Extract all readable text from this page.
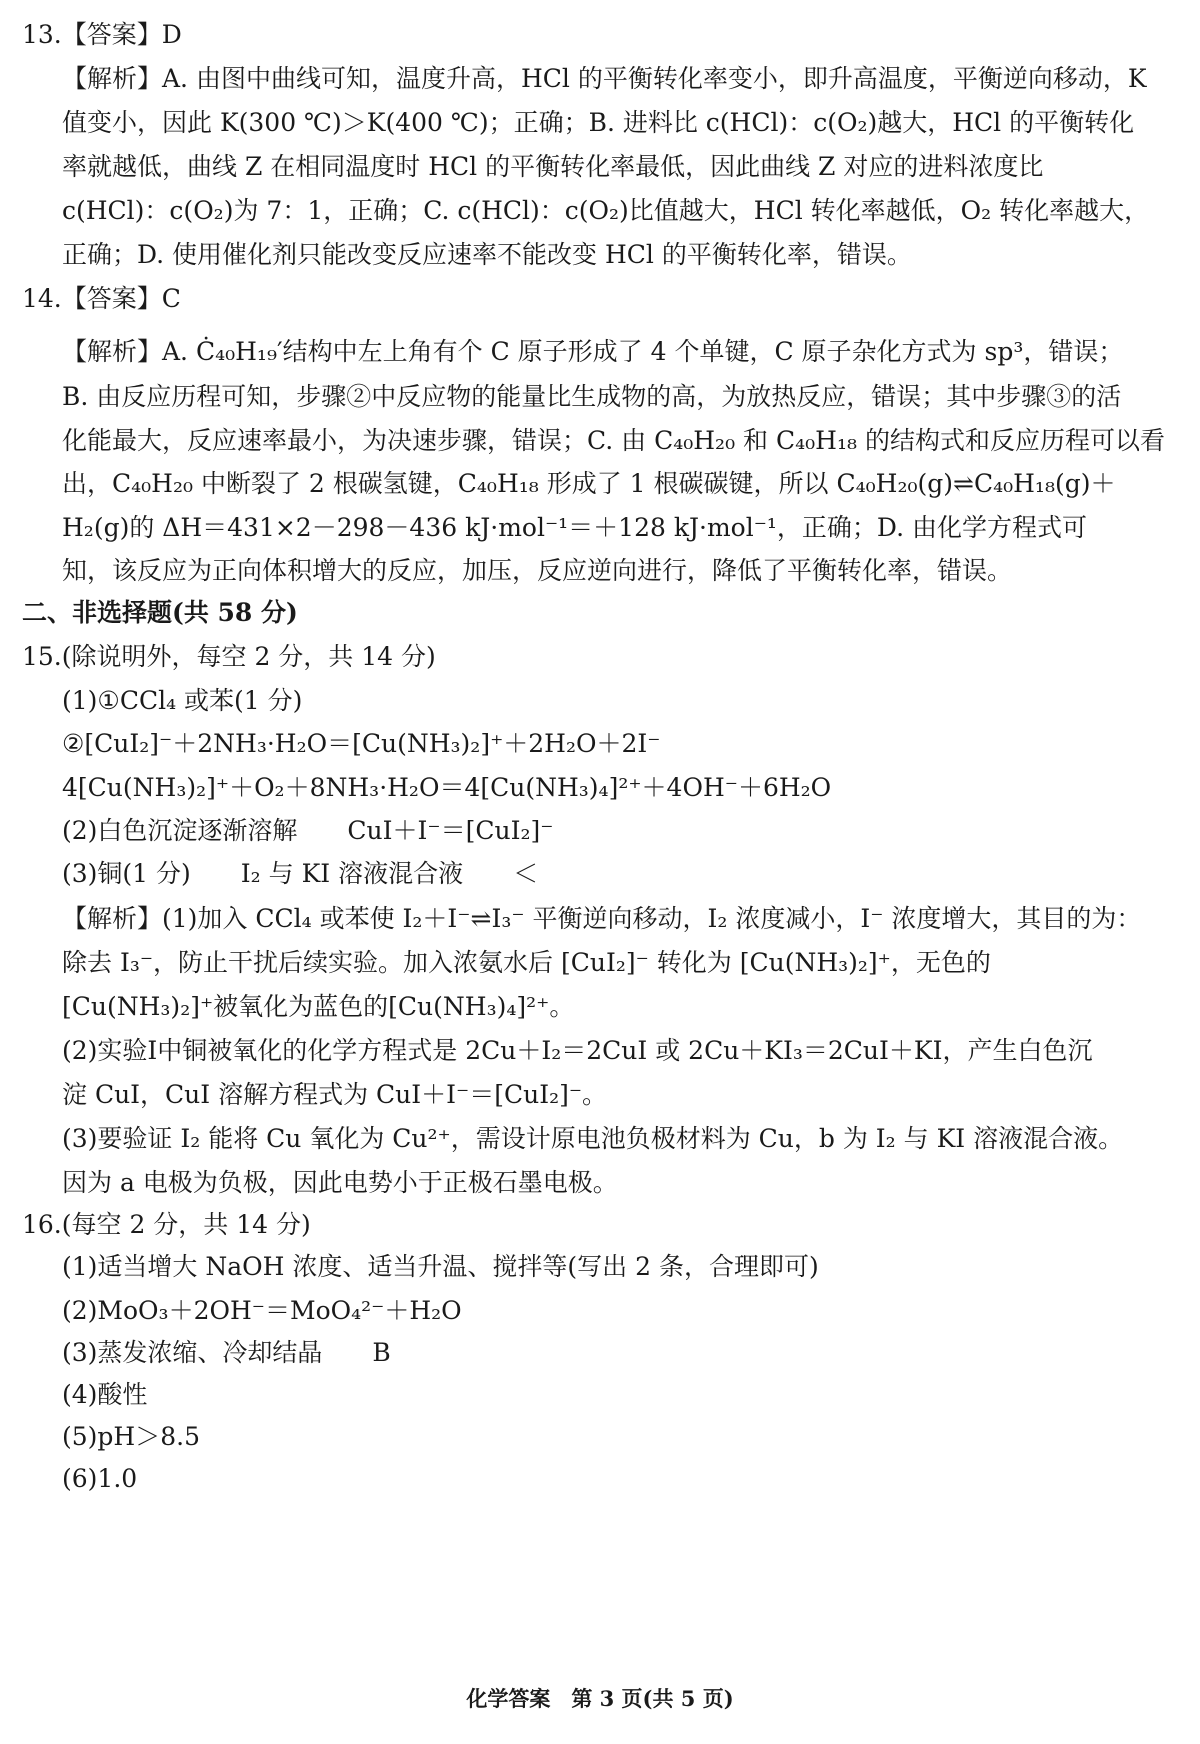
13.【答案】D
【解析】A. 由图中曲线可知，温度升高，HCl 的平衡转化率变小，即升高温度，平衡逆向移动，K
值变小，因此 K(300 ℃)＞K(400 ℃)；正确；B. 进料比 c(HCl)：c(O₂)越大，HCl 的平衡转化
率就越低，曲线 Z 在相同温度时 HCl 的平衡转化率最低，因此曲线 Z 对应的进料浓度比
c(HCl)：c(O₂)为 7：1，正确；C. c(HCl)：c(O₂)比值越大，HCl 转化率越低，O₂ 转化率越大，
正确；D. 使用催化剂只能改变反应速率不能改变 HCl 的平衡转化率，错误。
14.【答案】C
【解析】A. Ċ₄₀H₁₉′结构中左上角有个 C 原子形成了 4 个单键，C 原子杂化方式为 sp³，错误；
B. 由反应历程可知，步骤②中反应物的能量比生成物的高，为放热反应，错误；其中步骤③的活
化能最大，反应速率最小，为决速步骤，错误；C. 由 C₄₀H₂₀ 和 C₄₀H₁₈ 的结构式和反应历程可以看
出，C₄₀H₂₀ 中断裂了 2 根碳氢键，C₄₀H₁₈ 形成了 1 根碳碳键，所以 C₄₀H₂₀(g)⇌C₄₀H₁₈(g)＋
H₂(g)的 ΔH＝431×2－298－436 kJ·mol⁻¹＝＋128 kJ·mol⁻¹，正确；D. 由化学方程式可
知，该反应为正向体积增大的反应，加压，反应逆向进行，降低了平衡转化率，错误。
二、非选择题(共 58 分)
15.(除说明外，每空 2 分，共 14 分)
(1)①CCl₄ 或苯(1 分)
②[CuI₂]⁻＋2NH₃·H₂O＝[Cu(NH₃)₂]⁺＋2H₂O＋2I⁻
4[Cu(NH₃)₂]⁺＋O₂＋8NH₃·H₂O＝4[Cu(NH₃)₄]²⁺＋4OH⁻＋6H₂O
(2)白色沉淀逐渐溶解　　CuI＋I⁻＝[CuI₂]⁻
(3)铜(1 分)　　I₂ 与 KI 溶液混合液　　＜
【解析】(1)加入 CCl₄ 或苯使 I₂＋I⁻⇌I₃⁻ 平衡逆向移动，I₂ 浓度减小，I⁻ 浓度增大，其目的为：
除去 I₃⁻，防止干扰后续实验。加入浓氨水后 [CuI₂]⁻ 转化为 [Cu(NH₃)₂]⁺，无色的
[Cu(NH₃)₂]⁺被氧化为蓝色的[Cu(NH₃)₄]²⁺。
(2)实验Ⅰ中铜被氧化的化学方程式是 2Cu＋I₂＝2CuI 或 2Cu＋KI₃＝2CuI＋KI，产生白色沉
淀 CuI，CuI 溶解方程式为 CuI＋I⁻＝[CuI₂]⁻。
(3)要验证 I₂ 能将 Cu 氧化为 Cu²⁺，需设计原电池负极材料为 Cu，b 为 I₂ 与 KI 溶液混合液。
因为 a 电极为负极，因此电势小于正极石墨电极。
16.(每空 2 分，共 14 分)
(1)适当增大 NaOH 浓度、适当升温、搅拌等(写出 2 条，合理即可)
(2)MoO₃＋2OH⁻＝MoO₄²⁻＋H₂O
(3)蒸发浓缩、冷却结晶　　B
(4)酸性
(5)pH＞8.5
(6)1.0
化学答案　第 3 页(共 5 页)
